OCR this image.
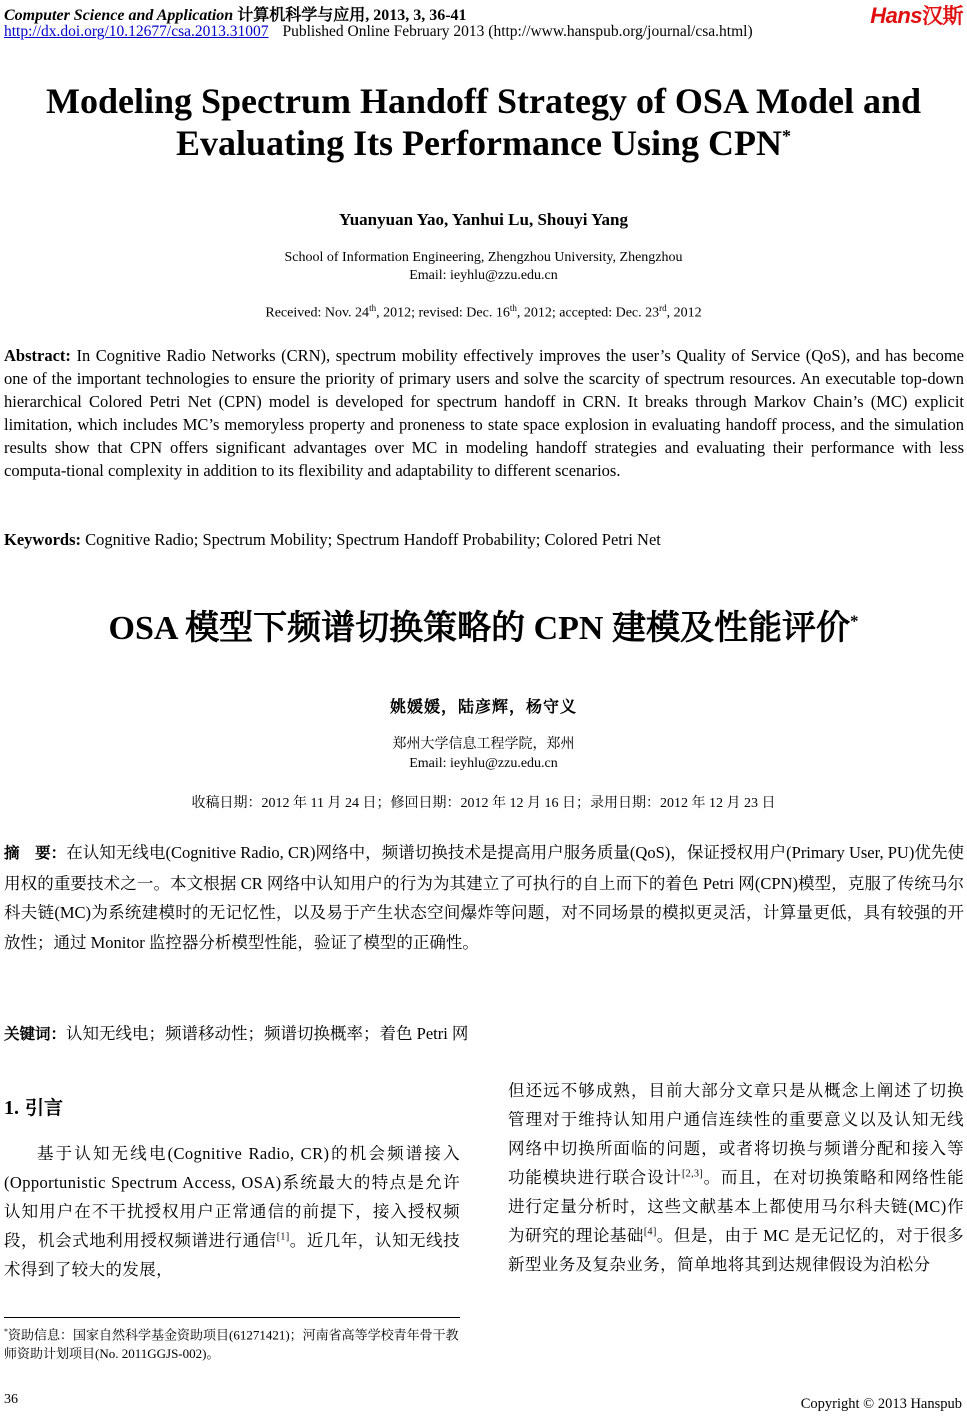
Computer Science and Application 计算机科学与应用, 2013, 3, 36-41
http://dx.doi.org/10.12677/csa.2013.31007 Published Online February 2013 (http://www.hanspub.org/journal/csa.html)
Hans汉斯
Modeling Spectrum Handoff Strategy of OSA Model and
Evaluating Its Performance Using CPN*
Yuanyuan Yao, Yanhui Lu, Shouyi Yang
School of Information Engineering, Zhengzhou University, Zhengzhou
Email: ieyhlu@zzu.edu.cn
Received: Nov. 24th, 2012; revised: Dec. 16th, 2012; accepted: Dec. 23rd, 2012
Abstract: In Cognitive Radio Networks (CRN), spectrum mobility effectively improves the user’s Quality of Service (QoS), and has become one of the important technologies to ensure the priority of primary users and solve the scarcity of spectrum resources. An executable top-down hierarchical Colored Petri Net (CPN) model is developed for spectrum handoff in CRN. It breaks through Markov Chain’s (MC) explicit limitation, which includes MC’s memoryless property and proneness to state space explosion in evaluating handoff process, and the simulation results show that CPN offers significant advantages over MC in modeling handoff strategies and evaluating their performance with less computa-tional complexity in addition to its flexibility and adaptability to different scenarios.
Keywords: Cognitive Radio; Spectrum Mobility; Spectrum Handoff Probability; Colored Petri Net
OSA 模型下频谱切换策略的 CPN 建模及性能评价*
姚媛媛，陆彦辉，杨守义
郑州大学信息工程学院，郑州
Email: ieyhlu@zzu.edu.cn
收稿日期：2012 年 11 月 24 日；修回日期：2012 年 12 月 16 日；录用日期：2012 年 12 月 23 日
摘　要：在认知无线电(Cognitive Radio, CR)网络中，频谱切换技术是提高用户服务质量(QoS)，保证授权用户(Primary User, PU)优先使用权的重要技术之一。本文根据 CR 网络中认知用户的行为为其建立了可执行的自上而下的着色 Petri 网(CPN)模型，克服了传统马尔科夫链(MC)为系统建模时的无记忆性，以及易于产生状态空间爆炸等问题，对不同场景的模拟更灵活，计算量更低，具有较强的开放性；通过 Monitor 监控器分析模型性能，验证了模型的正确性。
关键词：认知无线电；频谱移动性；频谱切换概率；着色 Petri 网
1. 引言
基于认知无线电(Cognitive Radio, CR)的机会频谱接入(Opportunistic Spectrum Access, OSA)系统最大的特点是允许认知用户在不干扰授权用户正常通信的前提下，接入授权频段，机会式地利用授权频谱进行通信[1]。近几年，认知无线技术得到了较大的发展，
但还远不够成熟，目前大部分文章只是从概念上阐述了切换管理对于维持认知用户通信连续性的重要意义以及认知无线网络中切换所面临的问题，或者将切换与频谱分配和接入等功能模块进行联合设计[2,3]。而且，在对切换策略和网络性能进行定量分析时，这些文献基本上都使用马尔科夫链(MC)作为研究的理论基础[4]。但是，由于 MC 是无记忆的，对于很多新型业务及复杂业务，简单地将其到达规律假设为泊松分
*资助信息：国家自然科学基金资助项目(61271421)；河南省高等学校青年骨干教师资助计划项目(No. 2011GGJS-002)。
36	Copyright © 2013 Hanspub
